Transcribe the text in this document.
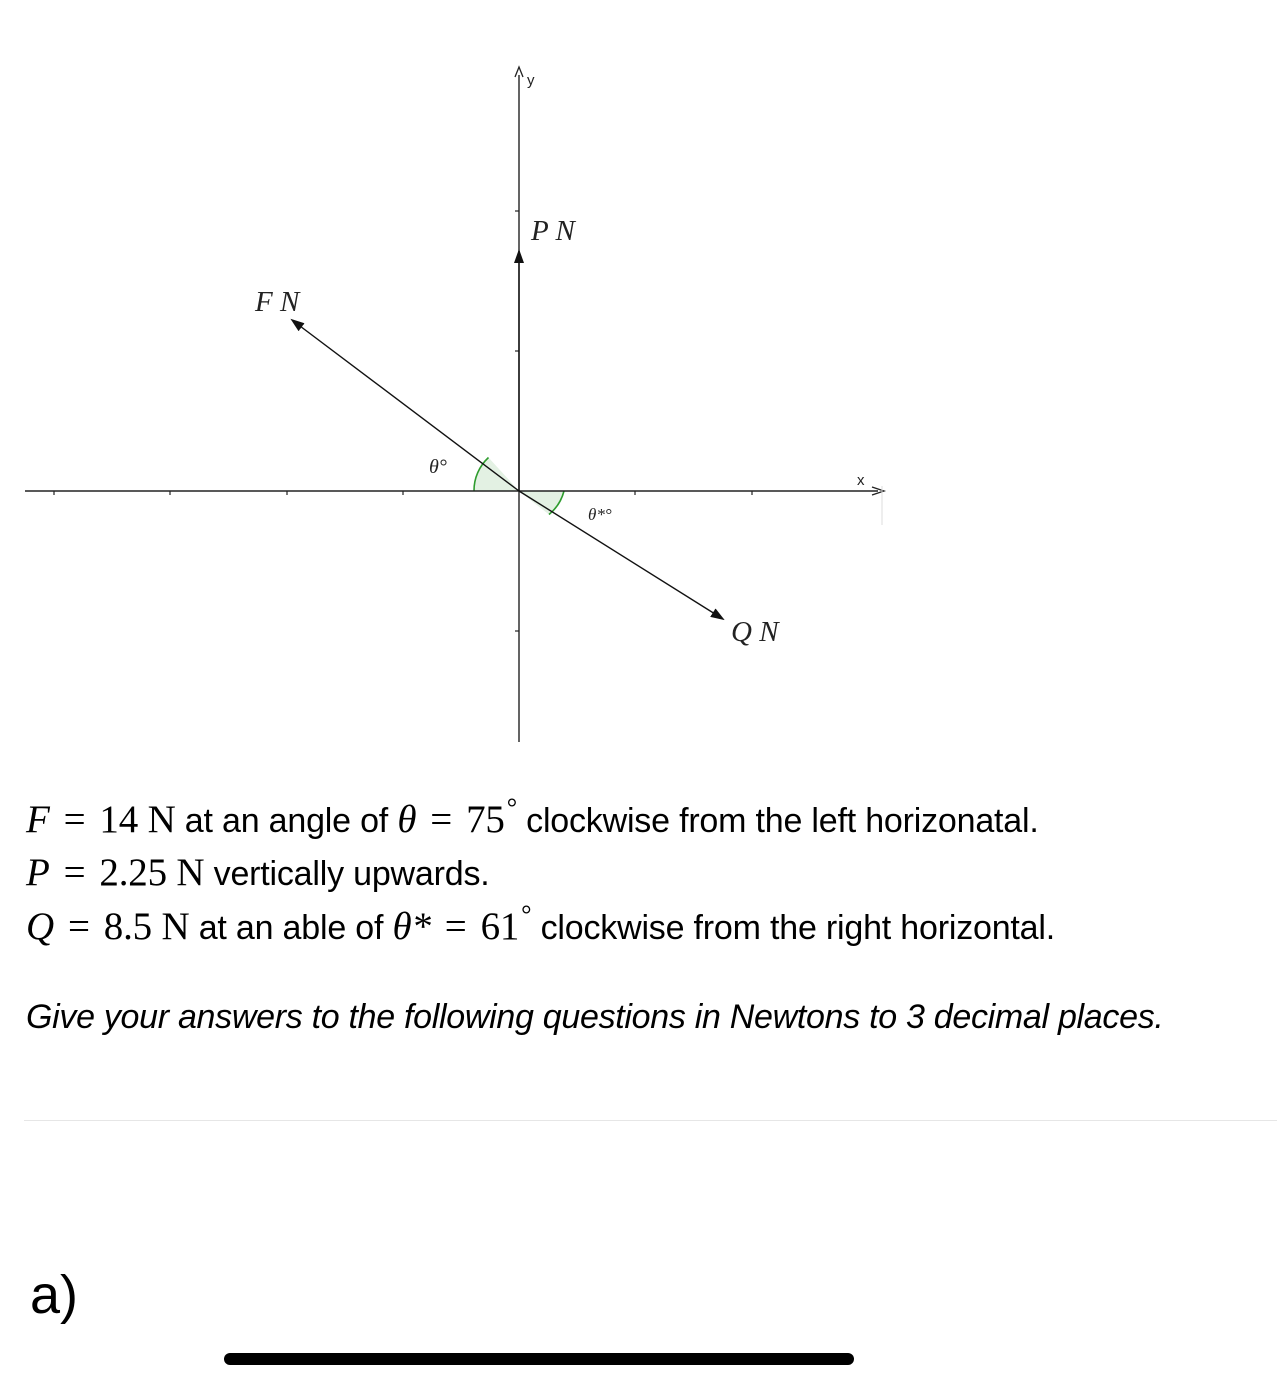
x
y
P N
F N
Q N
θ°
θ*°
F = 14 N at an angle of θ = 75° clockwise from the left horizonatal.
P = 2.25 N vertically upwards.
Q = 8.5 N at an able of θ* = 61° clockwise from the right horizontal.
Give your answers to the following questions in Newtons to 3 decimal places.
a)
